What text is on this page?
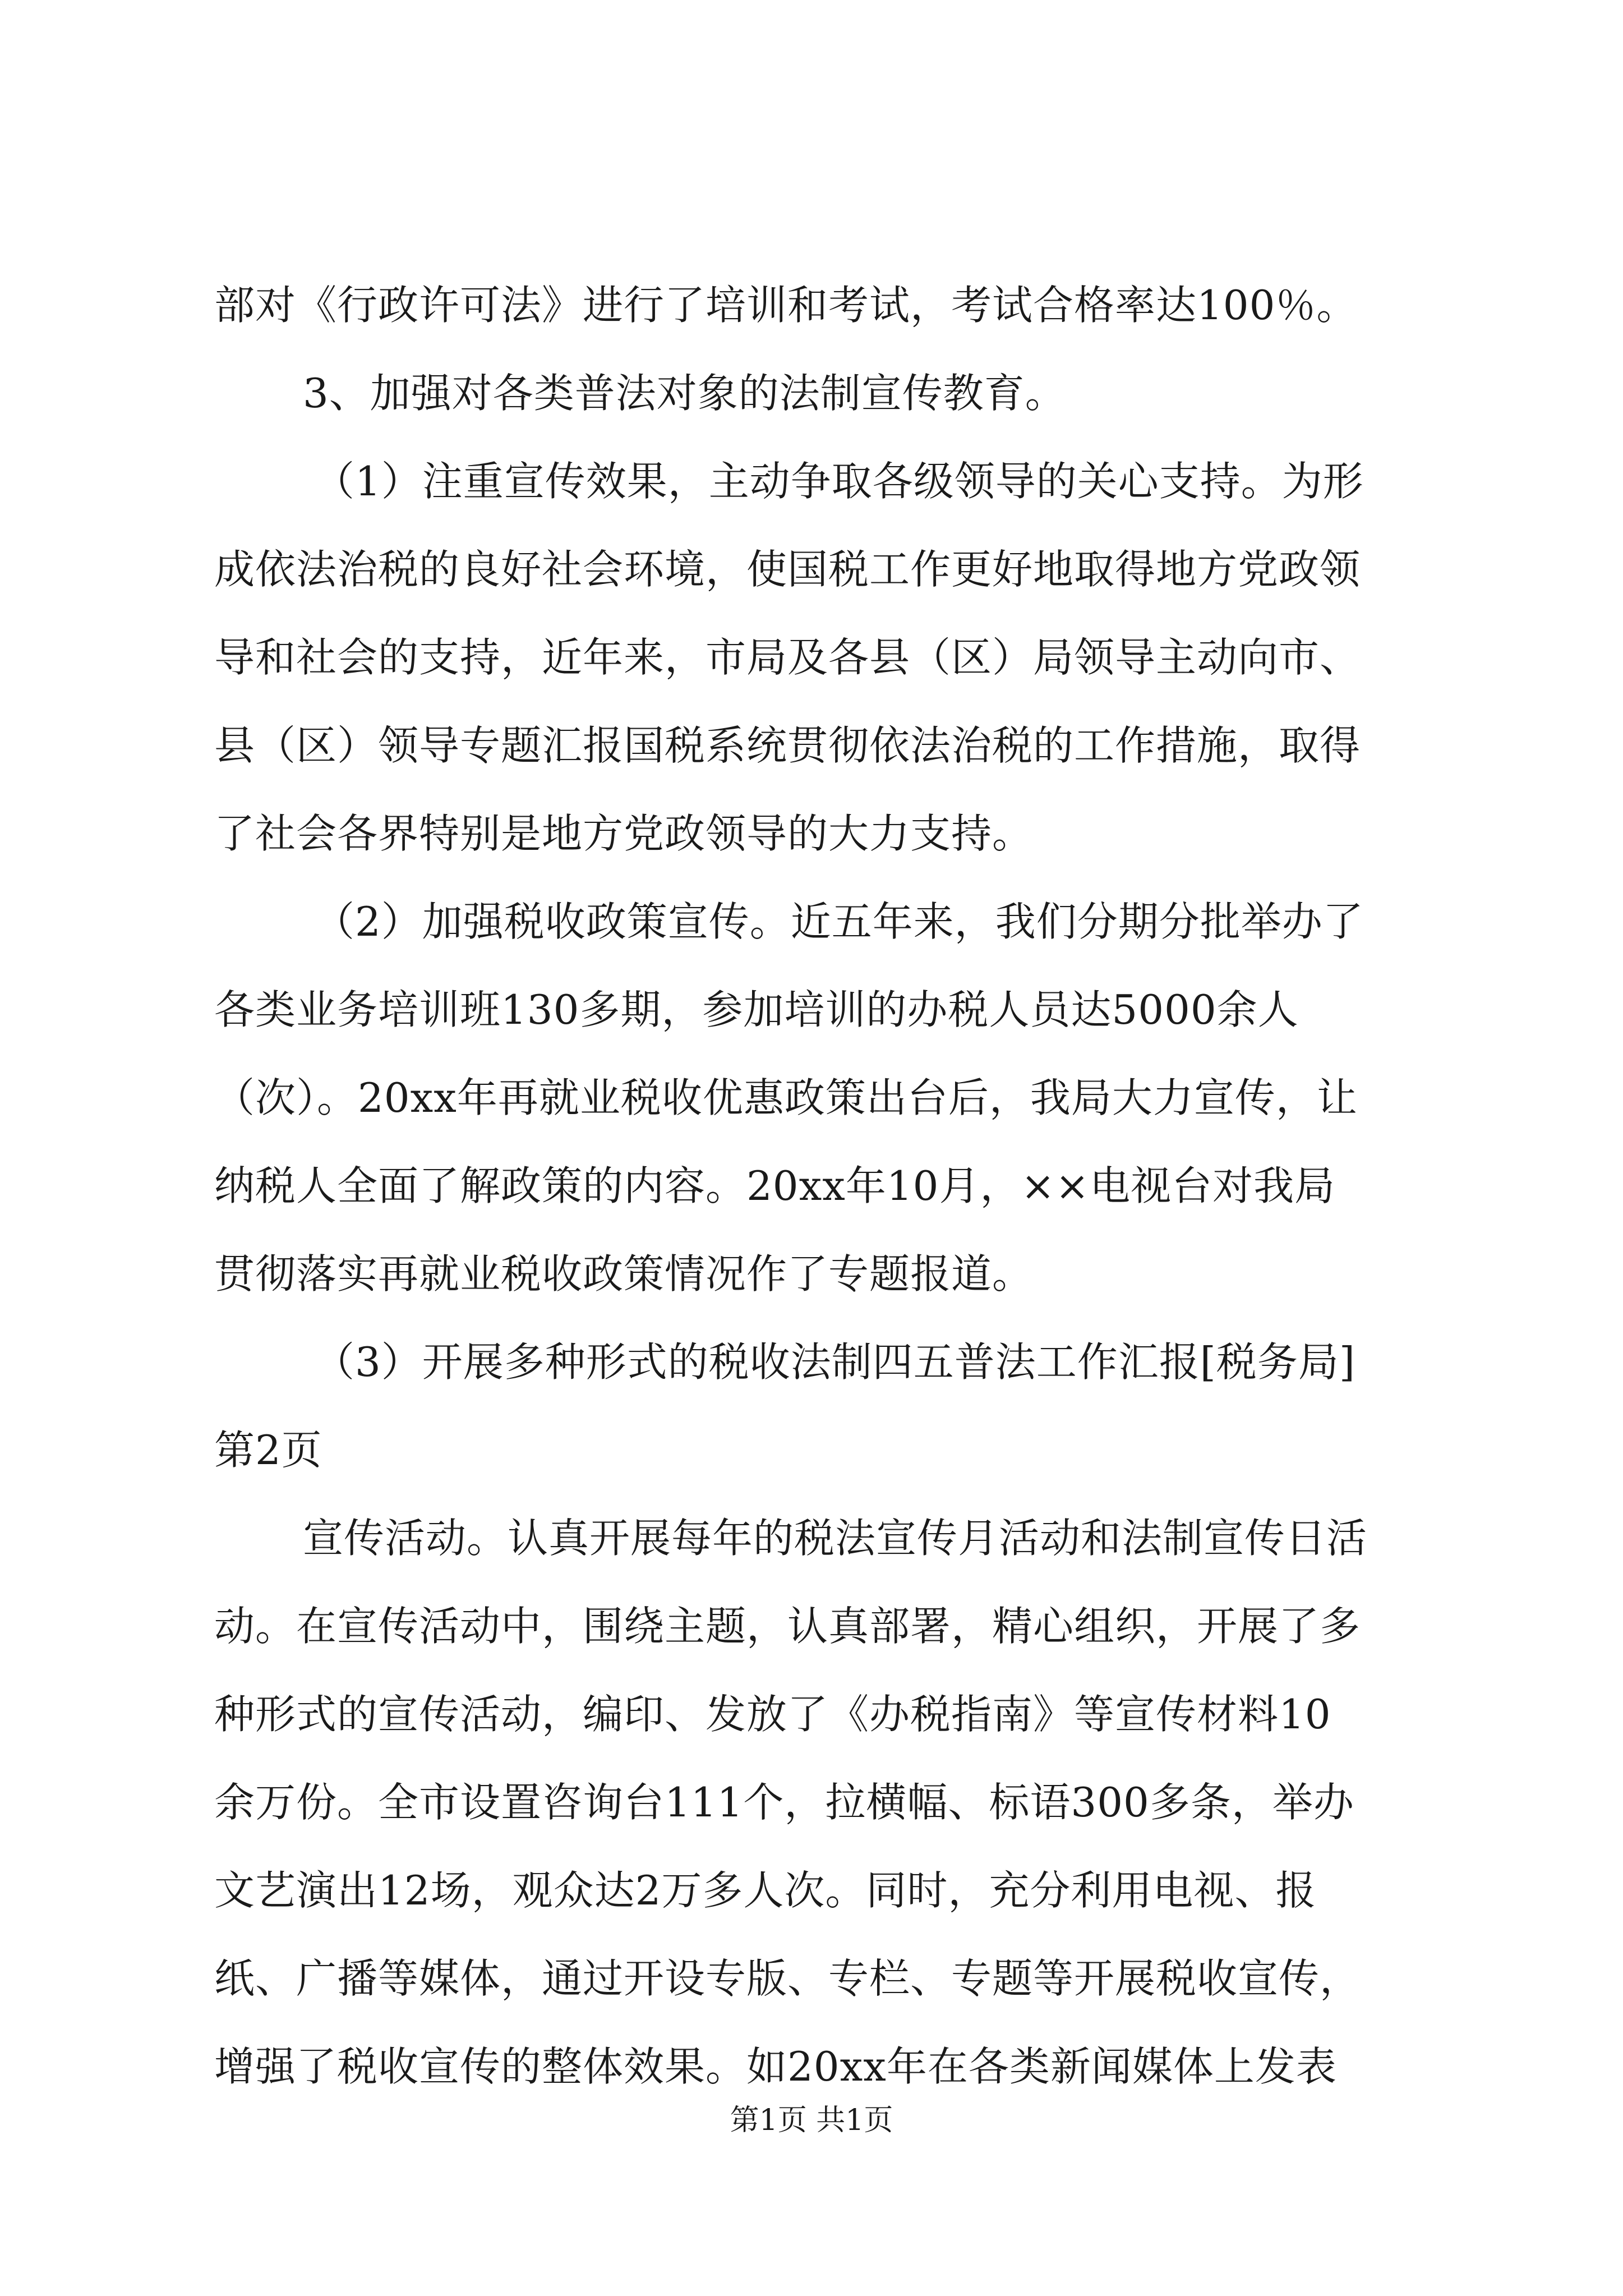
部对《行政许可法》进行了培训和考试，考试合格率达100％。
3、加强对各类普法对象的法制宣传教育。
（1）注重宣传效果，主动争取各级领导的关心支持。为形
成依法治税的良好社会环境，使国税工作更好地取得地方党政领
导和社会的支持，近年来，市局及各县（区）局领导主动向市、
县（区）领导专题汇报国税系统贯彻依法治税的工作措施，取得
了社会各界特别是地方党政领导的大力支持。
（2）加强税收政策宣传。近五年来，我们分期分批举办了
各类业务培训班130多期，参加培训的办税人员达5000余人
（次）。20xx年再就业税收优惠政策出台后，我局大力宣传，让
纳税人全面了解政策的内容。20xx年10月，××电视台对我局
贯彻落实再就业税收政策情况作了专题报道。
（3）开展多种形式的税收法制四五普法工作汇报[税务局]
第2页
宣传活动。认真开展每年的税法宣传月活动和法制宣传日活
动。在宣传活动中，围绕主题，认真部署，精心组织，开展了多
种形式的宣传活动，编印、发放了《办税指南》等宣传材料10
余万份。全市设置咨询台111个，拉横幅、标语300多条，举办
文艺演出12场，观众达2万多人次。同时，充分利用电视、报
纸、广播等媒体，通过开设专版、专栏、专题等开展税收宣传，
增强了税收宣传的整体效果。如20xx年在各类新闻媒体上发表
第1页 共1页
